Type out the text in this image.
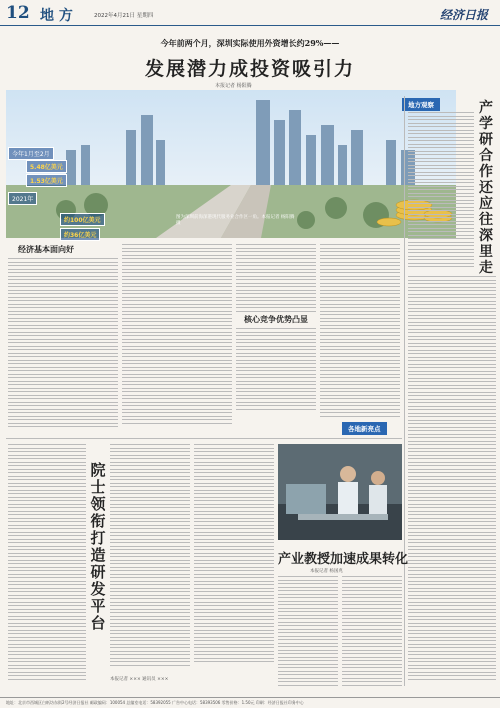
12 地 方	2022年4月21日 星期四	经济日报
今年前两个月，深圳实际使用外资增长约29%——
发展潜力成投资吸引力
本报记者 杨阳腾
今年1月至2月
5.48亿美元
1.53亿美元
2021年
约100亿美元
约36亿美元
图为深圳前海深港现代服务业合作区一角。本报记者 杨阳腾摄
地方观察	产学研合作还应往深里走
经济基本面向好
核心竞争优势凸显
各地新亮点
院士领衔打造研发平台
本报记者 ××× 通讯员 ×××
产业教授加速成果转化
本报记者 杨国兆
地址：北京市西城区白纸坊东街2号经济日报社 邮政编码：100054 总编室电话：58392055 广告中心电话：58393506 零售价格：1.50元 印刷：经济日报社印务中心
